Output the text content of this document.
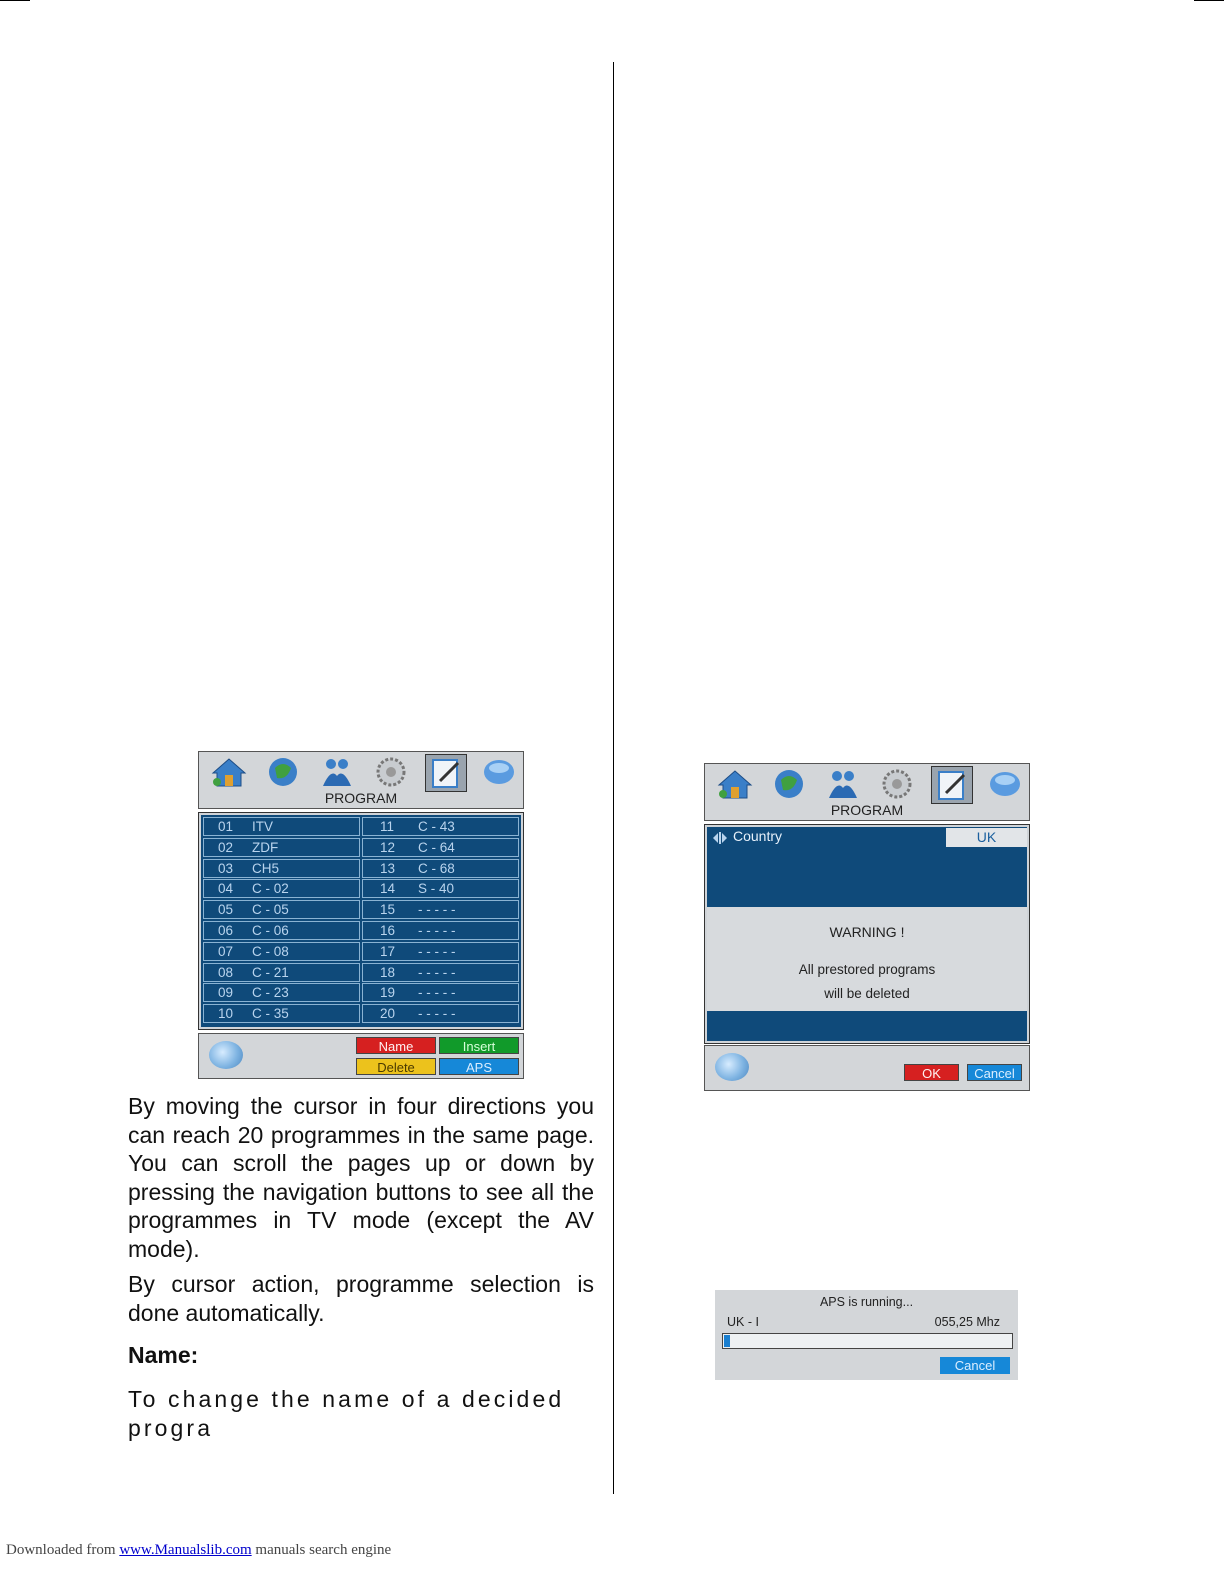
PROGRAM
01 ITV	11 C - 43
02 ZDF	12 C - 64
03 CH5	13 C - 68
04 C - 02	14 S - 40
05 C - 05	15 - - - - -
06 C - 06	16 - - - - -
07 C - 08	17 - - - - -
08 C - 21	18 - - - - -
09 C - 23	19 - - - - -
10 C - 35	20 - - - - -
Name	Insert
Delete	APS
By moving the cursor in four directions you can reach 20 programmes in the same page. You can scroll the pages up or down by pressing the navigation buttons to see all the programmes in TV mode (except the AV mode).
By cursor action, programme selection is done automatically.
Name:
To change the name of a decided
progra
PROGRAM
Country	UK
WARNING !
All prestored programs
will be deleted
OK	Cancel
APS is running...
UK - I	055,25 Mhz
Cancel
Downloaded from www.Manualslib.com manuals search engine
